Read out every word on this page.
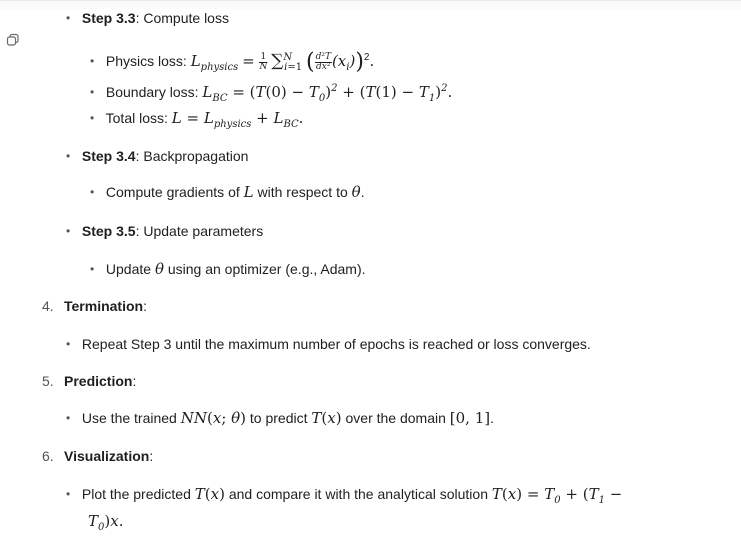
• Step 3.3: Compute loss
• Physics loss: $L_{physics} = \frac{1}{N} \sum^N_{i=1}$ ( $\frac{\text{d²T}}{\text{dx²}} (x_i))^2$.
• Boundary loss: $L_{BC} = (T(0) - T_0)^2 + (T(1) - T_1)^2$.
• Total loss: $L = L_{physics} + L_{BC}$.
• Step 3.4: Backpropagation
• Compute gradients of L with respect to θ.
• Step 3.5: Update parameters
• Update θ using an optimizer (e.g., Adam).
4. Termination:
• Repeat Step 3 until the maximum number of epochs is reached or loss converges.
5. Prediction:
• Use the trained NN(x; θ) to predict T(x) over the domain [0, 1].
6. Visualization:
• Plot the predicted T(x) and compare it with the analytical solution $T(x) = T_0 + (T_1$ −
$T_0)x$.
